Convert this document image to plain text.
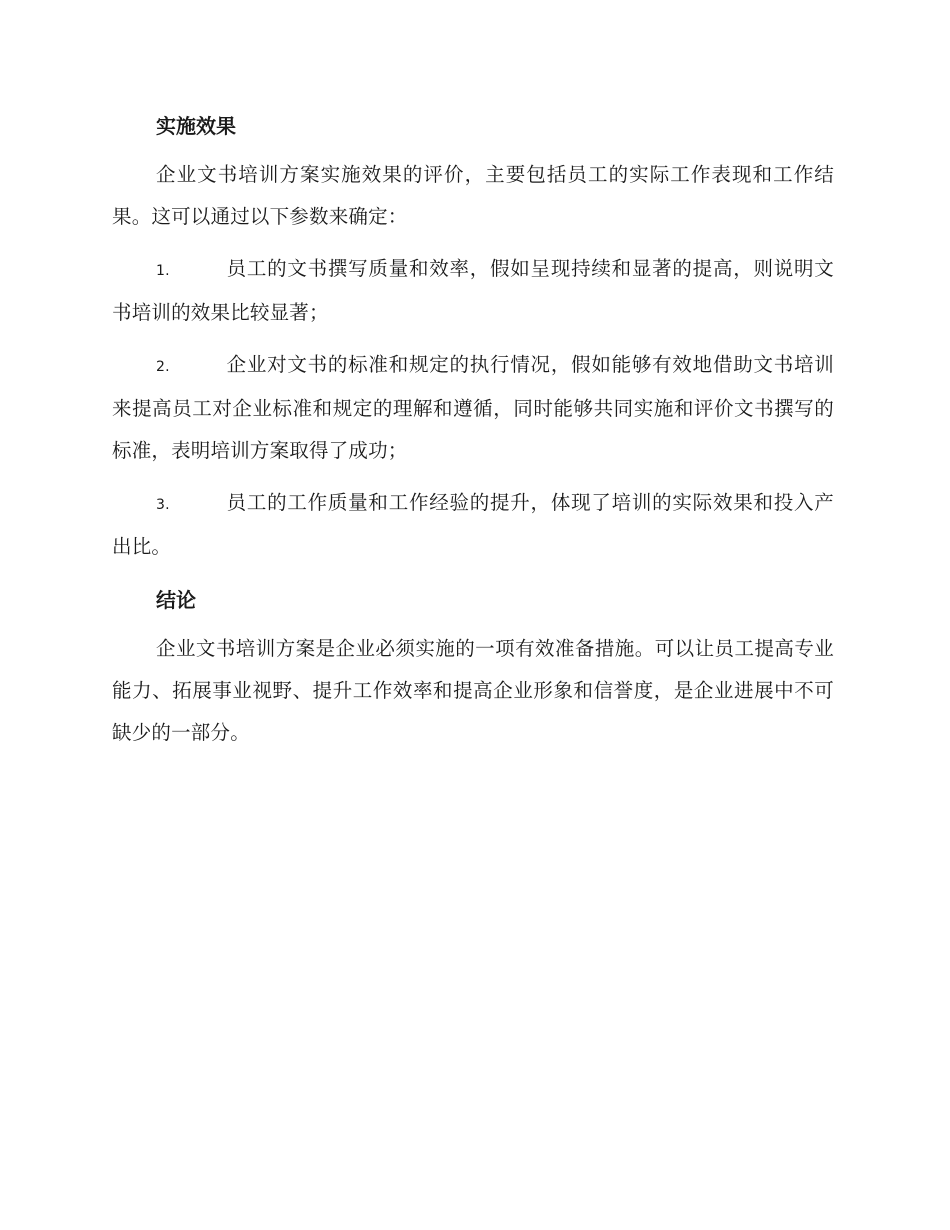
实施效果

企业文书培训方案实施效果的评价，主要包括员工的实际工作表现和工作结果。这可以通过以下参数来确定：

1.	员工的文书撰写质量和效率，假如呈现持续和显著的提高，则说明文书培训的效果比较显著；

2.	企业对文书的标准和规定的执行情况，假如能够有效地借助文书培训来提高员工对企业标准和规定的理解和遵循，同时能够共同实施和评价文书撰写的标准，表明培训方案取得了成功；

3.	员工的工作质量和工作经验的提升，体现了培训的实际效果和投入产出比。

结论

企业文书培训方案是企业必须实施的一项有效准备措施。可以让员工提高专业能力、拓展事业视野、提升工作效率和提高企业形象和信誉度，是企业进展中不可缺少的一部分。
